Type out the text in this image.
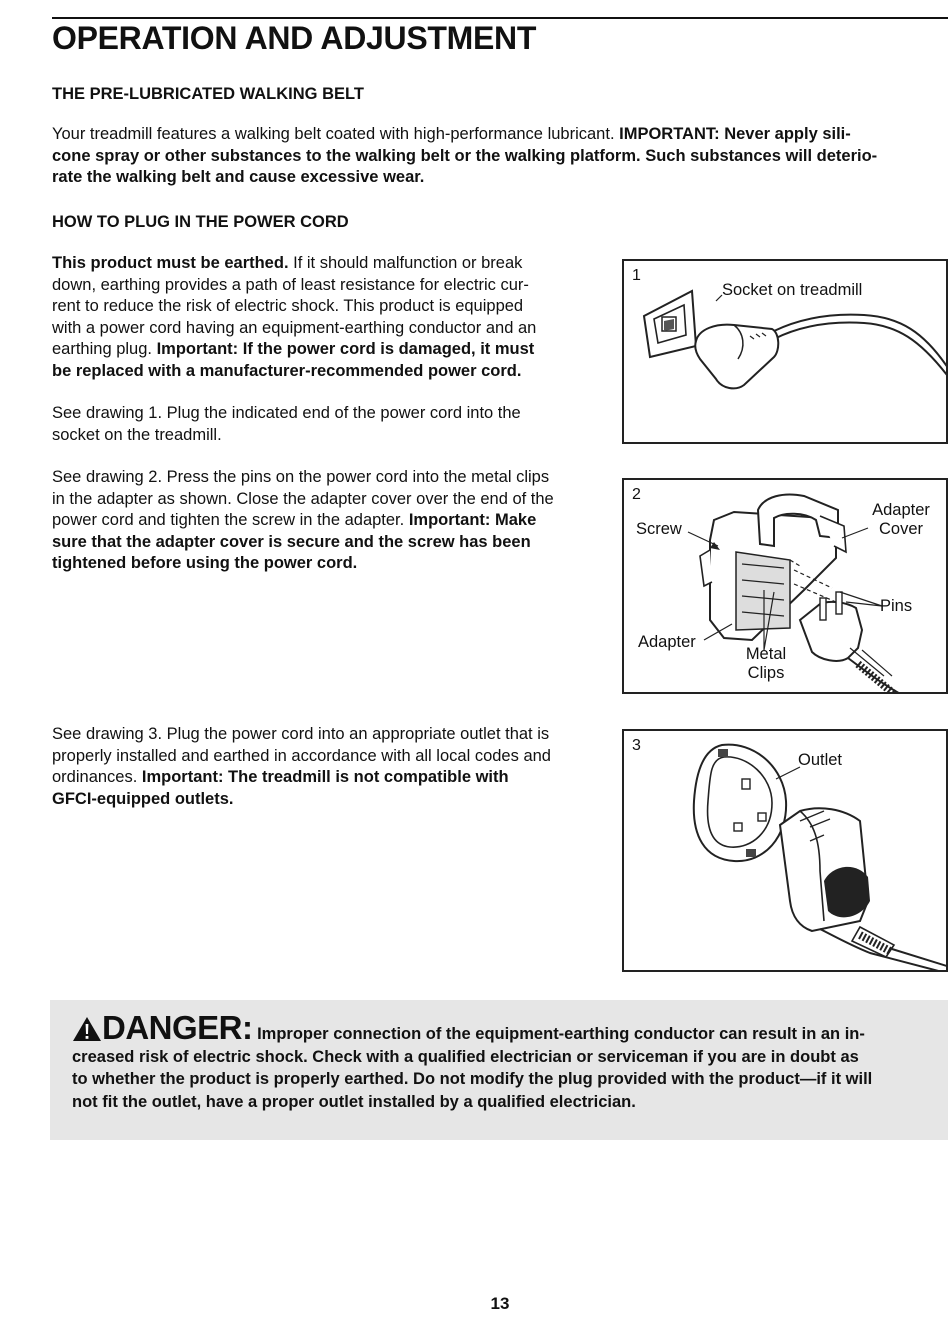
OPERATION AND ADJUSTMENT
THE PRE-LUBRICATED WALKING BELT
Your treadmill features a walking belt coated with high-performance lubricant. IMPORTANT: Never apply sili-
cone spray or other substances to the walking belt or the walking platform. Such substances will deterio-
rate the walking belt and cause excessive wear.
HOW TO PLUG IN THE POWER CORD
This product must be earthed. If it should malfunction or break
down, earthing provides a path of least resistance for electric cur-
rent to reduce the risk of electric shock. This product is equipped
with a power cord having an equipment-earthing conductor and an
earthing plug. Important: If the power cord is damaged, it must
be replaced with a manufacturer-recommended power cord.
See drawing 1. Plug the indicated end of the power cord into the
socket on the treadmill.
See drawing 2. Press the pins on the power cord into the metal clips
in the adapter as shown. Close the adapter cover over the end of the
power cord and tighten the screw in the adapter. Important: Make
sure that the adapter cover is secure and the screw has been
tightened before using the power cord.
See drawing 3. Plug the power cord into an appropriate outlet that is
properly installed and earthed in accordance with all local codes and
ordinances. Important: The treadmill is not compatible with
GFCI-equipped outlets.
1
Socket on treadmill
2
Screw
Adapter
Cover
Pins
Adapter
Metal
Clips
3
Outlet
DANGER: Improper connection of the equipment-earthing conductor can result in an in-
creased risk of electric shock. Check with a qualified electrician or serviceman if you are in doubt as
to whether the product is properly earthed. Do not modify the plug provided with the product—if it will
not fit the outlet, have a proper outlet installed by a qualified electrician.
13
